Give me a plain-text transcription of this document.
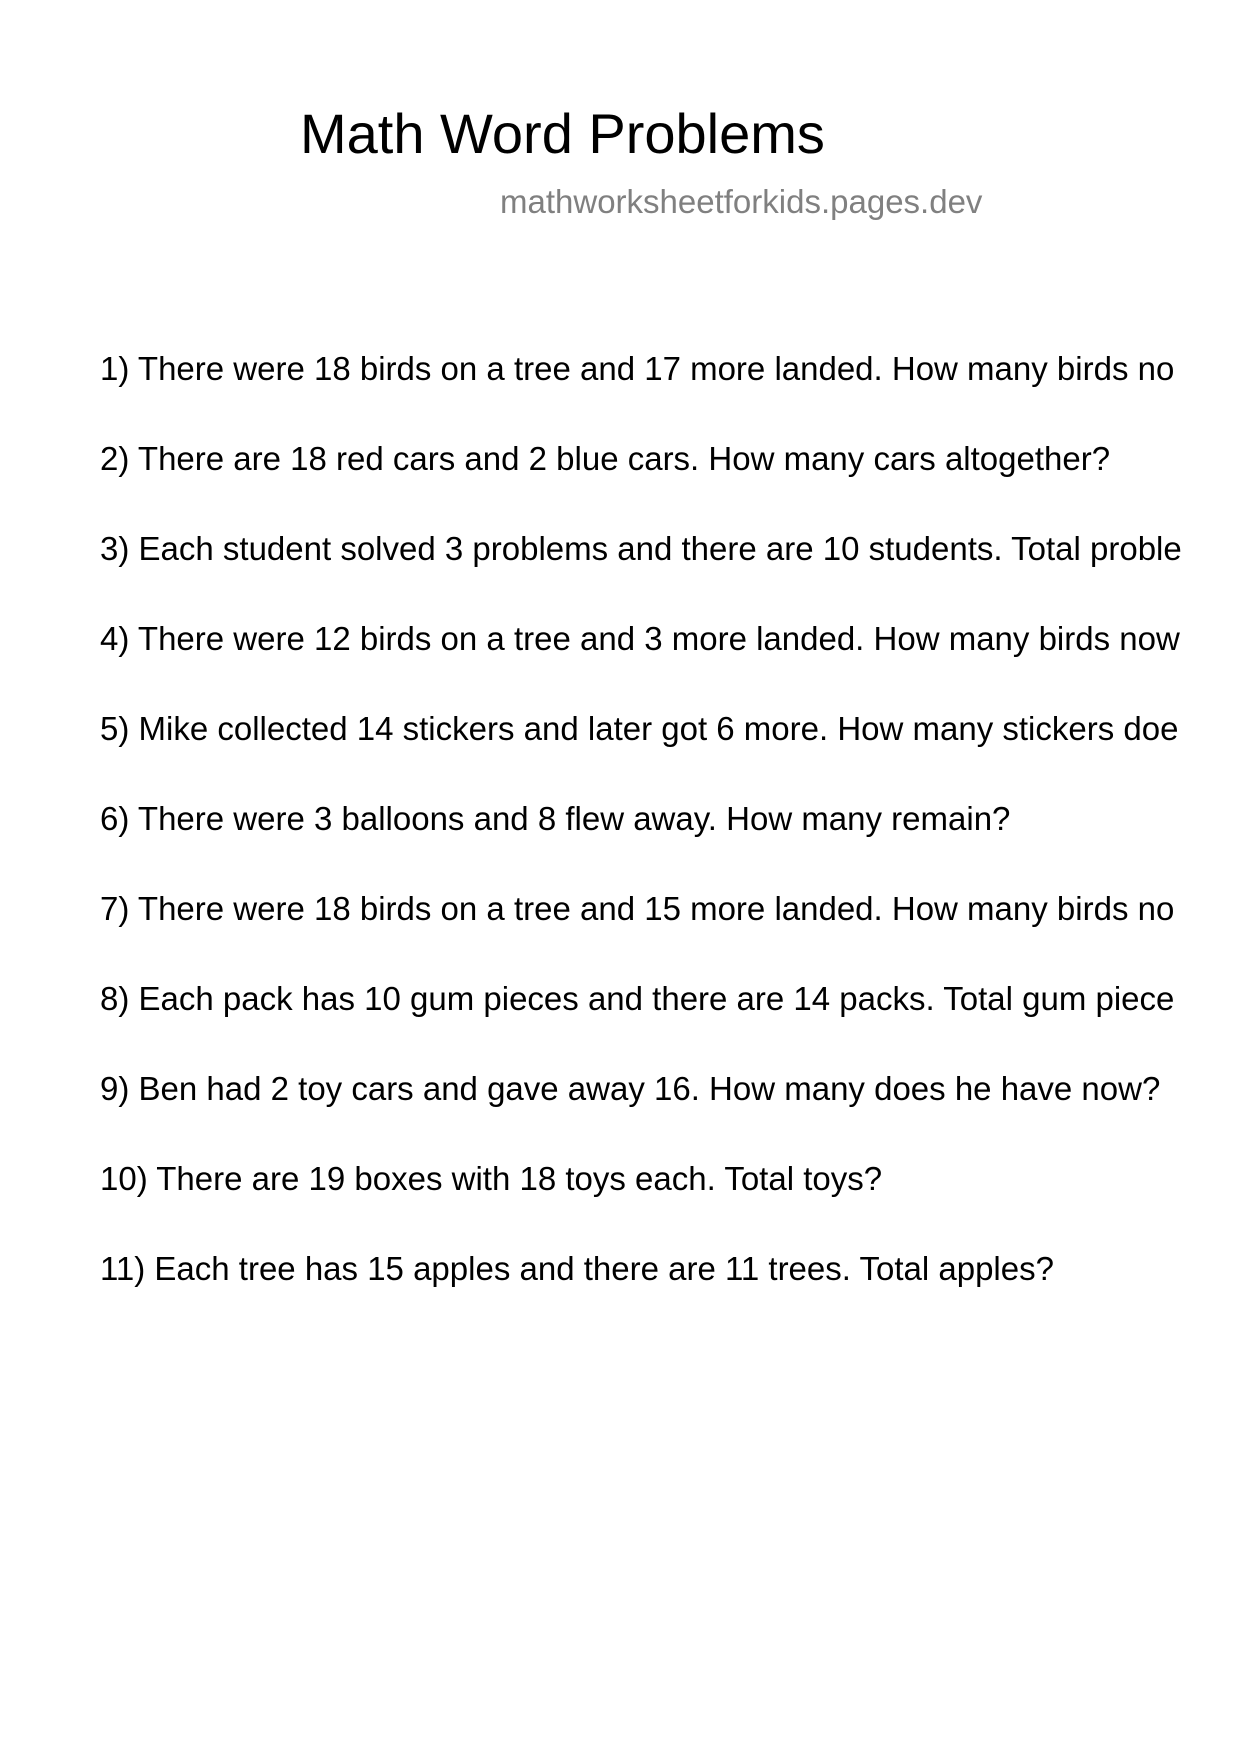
Math Word Problems
mathworksheetforkids.pages.dev
1) There were 18 birds on a tree and 17 more landed. How many birds no
2) There are 18 red cars and 2 blue cars. How many cars altogether?
3) Each student solved 3 problems and there are 10 students. Total proble
4) There were 12 birds on a tree and 3 more landed. How many birds now
5) Mike collected 14 stickers and later got 6 more. How many stickers doe
6) There were 3 balloons and 8 flew away. How many remain?
7) There were 18 birds on a tree and 15 more landed. How many birds no
8) Each pack has 10 gum pieces and there are 14 packs. Total gum piece
9) Ben had 2 toy cars and gave away 16. How many does he have now?
10) There are 19 boxes with 18 toys each. Total toys?
11) Each tree has 15 apples and there are 11 trees. Total apples?
